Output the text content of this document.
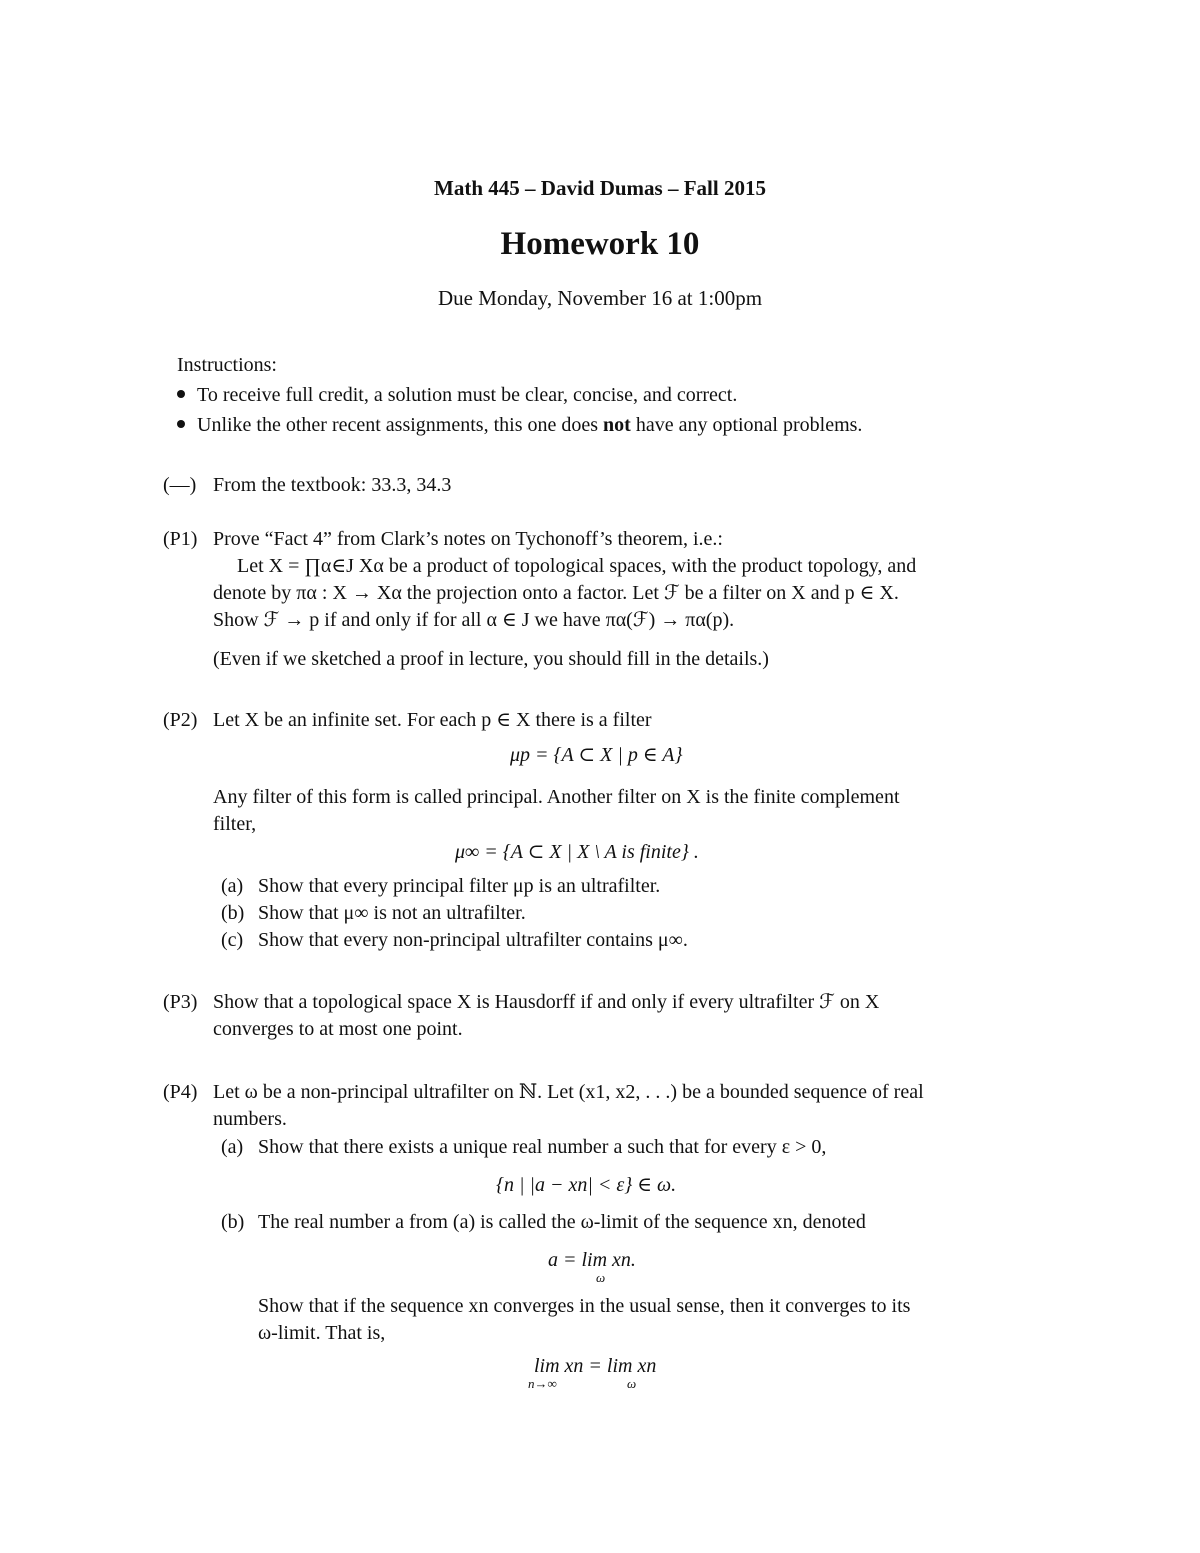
Math 445 – David Dumas – Fall 2015
Homework 10
Due Monday, November 16 at 1:00pm
Instructions:
To receive full credit, a solution must be clear, concise, and correct.
Unlike the other recent assignments, this one does not have any optional problems.
(—) From the textbook: 33.3, 34.3
(P1) Prove “Fact 4” from Clark’s notes on Tychonoff’s theorem, i.e.:
Let X = ∏α∈J Xα be a product of topological spaces, with the product topology, and
denote by πα : X → Xα the projection onto a factor. Let ℱ be a filter on X and p ∈ X.
Show ℱ → p if and only if for all α ∈ J we have πα(ℱ) → πα(p).
(Even if we sketched a proof in lecture, you should fill in the details.)
(P2) Let X be an infinite set. For each p ∈ X there is a filter
μp = {A ⊂ X | p ∈ A}
Any filter of this form is called principal. Another filter on X is the finite complement
filter,
μ∞ = {A ⊂ X | X \ A is finite} .
(a) Show that every principal filter μp is an ultrafilter.
(b) Show that μ∞ is not an ultrafilter.
(c) Show that every non-principal ultrafilter contains μ∞.
(P3) Show that a topological space X is Hausdorff if and only if every ultrafilter ℱ on X
converges to at most one point.
(P4) Let ω be a non-principal ultrafilter on ℕ. Let (x1, x2, . . .) be a bounded sequence of real
numbers.
(a) Show that there exists a unique real number a such that for every ε > 0,
{n | |a − xn| < ε} ∈ ω.
(b) The real number a from (a) is called the ω-limit of the sequence xn, denoted
a = lim xn.
ω
Show that if the sequence xn converges in the usual sense, then it converges to its
ω-limit. That is,
lim xn = lim xn
n→∞	ω
